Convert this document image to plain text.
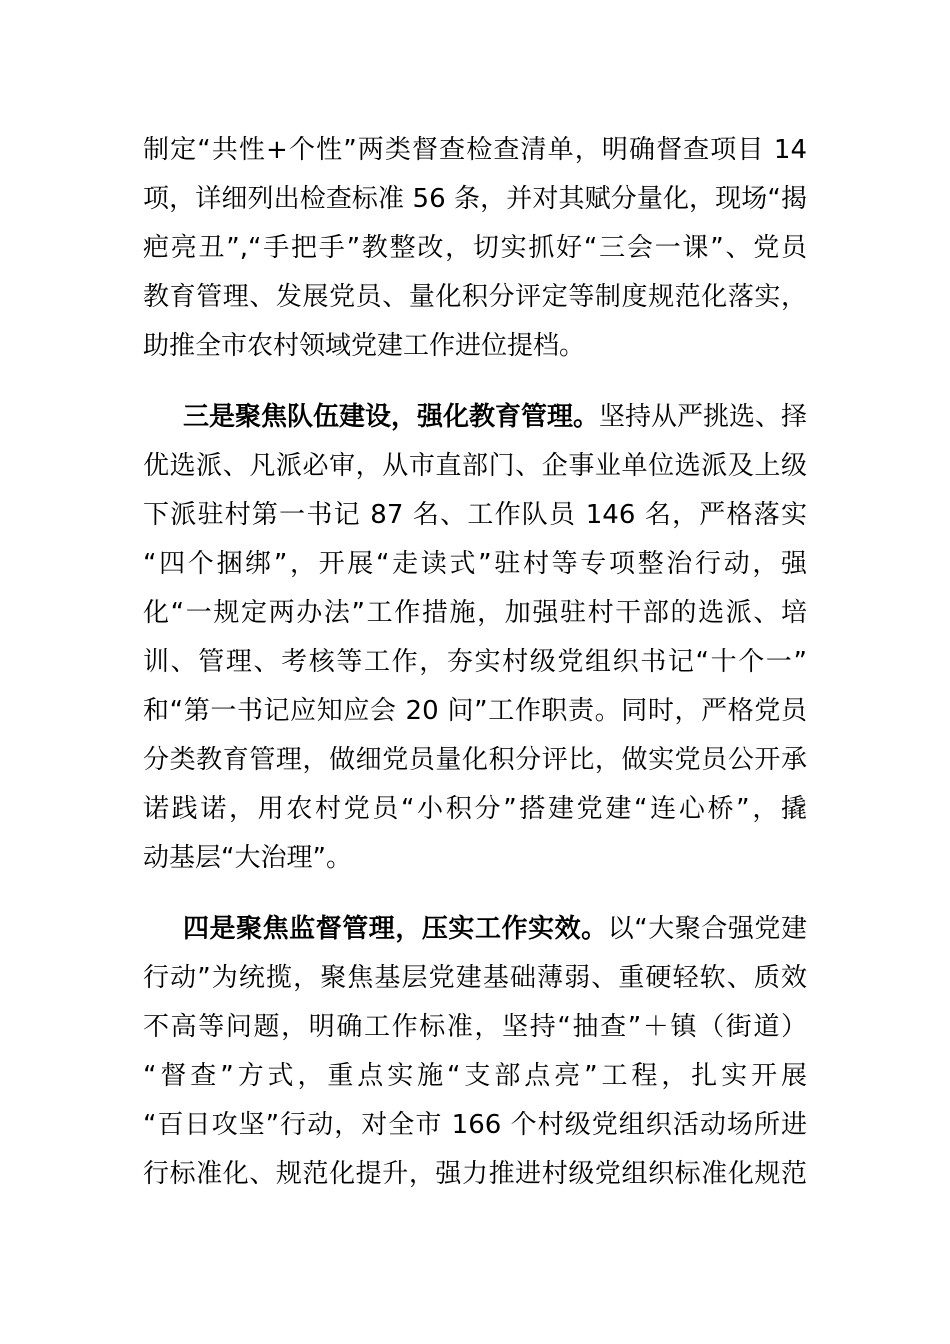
制定“共性+个性”两类督查检查清单，明确督查项目 14
项，详细列出检查标准 56 条，并对其赋分量化，现场“揭
疤亮丑”,“手把手”教整改，切实抓好“三会一课”、党员
教育管理、发展党员、量化积分评定等制度规范化落实，
助推全市农村领域党建工作进位提档。
三是聚焦队伍建设，强化教育管理。坚持从严挑选、择
优选派、凡派必审，从市直部门、企事业单位选派及上级
下派驻村第一书记 87 名、工作队员 146 名，严格落实
“四个捆绑”，开展“走读式”驻村等专项整治行动，强
化“一规定两办法”工作措施，加强驻村干部的选派、培
训、管理、考核等工作，夯实村级党组织书记“十个一”
和“第一书记应知应会 20 问”工作职责。同时，严格党员
分类教育管理，做细党员量化积分评比，做实党员公开承
诺践诺，用农村党员“小积分”搭建党建“连心桥”，撬
动基层“大治理”。
四是聚焦监督管理，压实工作实效。以“大聚合强党建
行动”为统揽，聚焦基层党建基础薄弱、重硬轻软、质效
不高等问题，明确工作标准，坚持“抽查”＋镇（街道）
“督查”方式，重点实施“支部点亮”工程，扎实开展
“百日攻坚”行动，对全市 166 个村级党组织活动场所进
行标准化、规范化提升，强力推进村级党组织标准化规范
